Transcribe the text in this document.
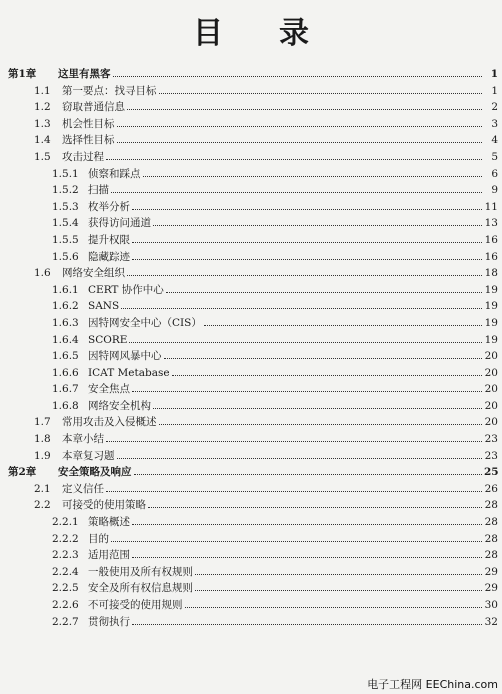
目录
第1章 这里有黑客	1
1.1 第一要点：找寻目标	1
1.2 窃取普通信息	2
1.3 机会性目标	3
1.4 选择性目标	4
1.5 攻击过程	5
1.5.1 侦察和踩点	6
1.5.2 扫描	9
1.5.3 枚举分析	11
1.5.4 获得访问通道	13
1.5.5 提升权限	16
1.5.6 隐藏踪迹	16
1.6 网络安全组织	18
1.6.1 CERT 协作中心	19
1.6.2 SANS	19
1.6.3 因特网安全中心（CIS）	19
1.6.4 SCORE	19
1.6.5 因特网风暴中心	20
1.6.6 ICAT Metabase	20
1.6.7 安全焦点	20
1.6.8 网络安全机构	20
1.7 常用攻击及入侵概述	20
1.8 本章小结	23
1.9 本章复习题	23
第2章 安全策略及响应	25
2.1 定义信任	26
2.2 可接受的使用策略	28
2.2.1 策略概述	28
2.2.2 目的	28
2.2.3 适用范围	28
2.2.4 一般使用及所有权规则	29
2.2.5 安全及所有权信息规则	29
2.2.6 不可接受的使用规则	30
2.2.7 贯彻执行	32
电子工程网 EEChina.com
